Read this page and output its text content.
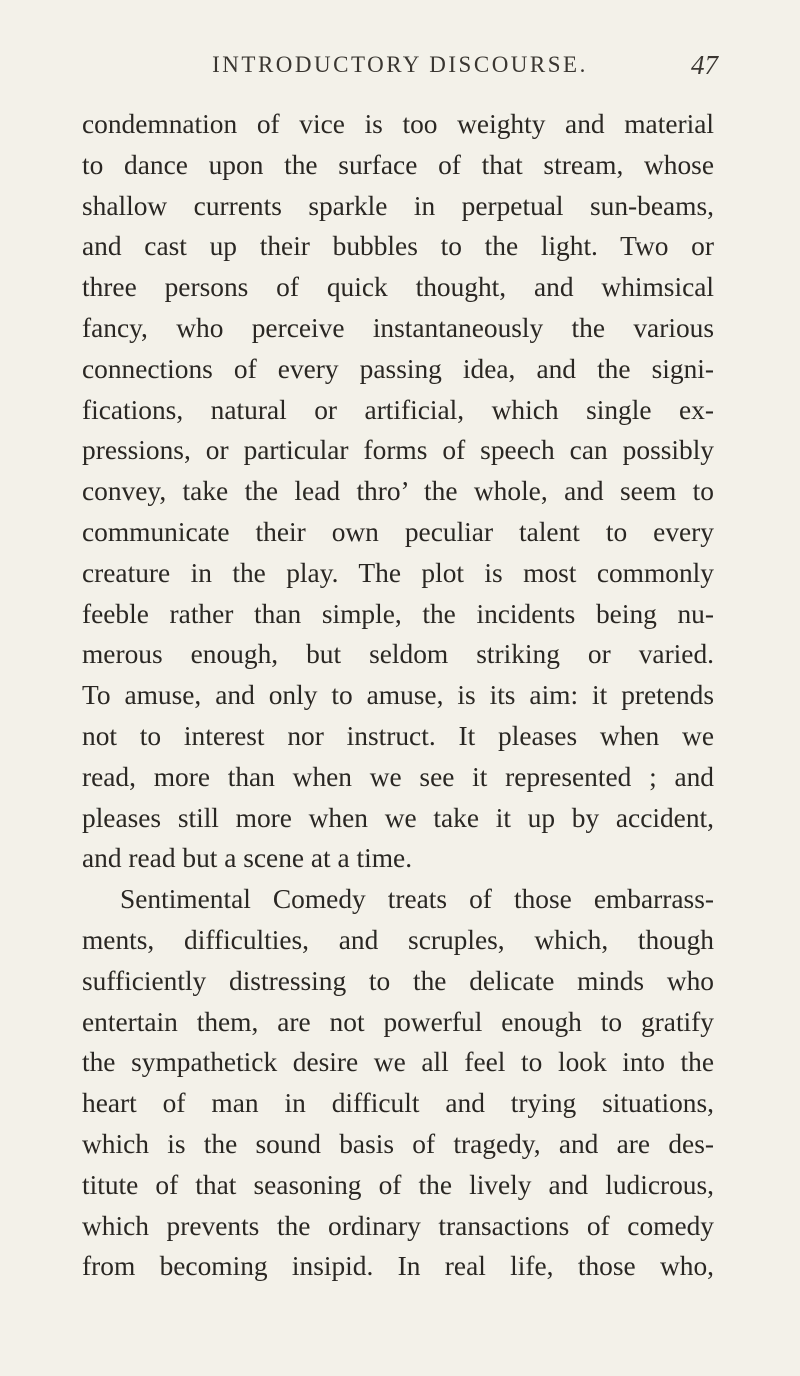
INTRODUCTORY DISCOURSE.	47
condemnation of vice is too weighty and material
to dance upon the surface of that stream, whose
shallow currents sparkle in perpetual sun-beams,
and cast up their bubbles to the light. Two or
three persons of quick thought, and whimsical
fancy, who perceive instantaneously the various
connections of every passing idea, and the signi-
fications, natural or artificial, which single ex-
pressions, or particular forms of speech can possibly
convey, take the lead thro’ the whole, and seem to
communicate their own peculiar talent to every
creature in the play. The plot is most commonly
feeble rather than simple, the incidents being nu-
merous enough, but seldom striking or varied.
To amuse, and only to amuse, is its aim: it pretends
not to interest nor instruct. It pleases when we
read, more than when we see it represented ; and
pleases still more when we take it up by accident,
and read but a scene at a time.
Sentimental Comedy treats of those embarrass-
ments, difficulties, and scruples, which, though
sufficiently distressing to the delicate minds who
entertain them, are not powerful enough to gratify
the sympathetick desire we all feel to look into the
heart of man in difficult and trying situations,
which is the sound basis of tragedy, and are des-
titute of that seasoning of the lively and ludicrous,
which prevents the ordinary transactions of comedy
from becoming insipid. In real life, those who,
